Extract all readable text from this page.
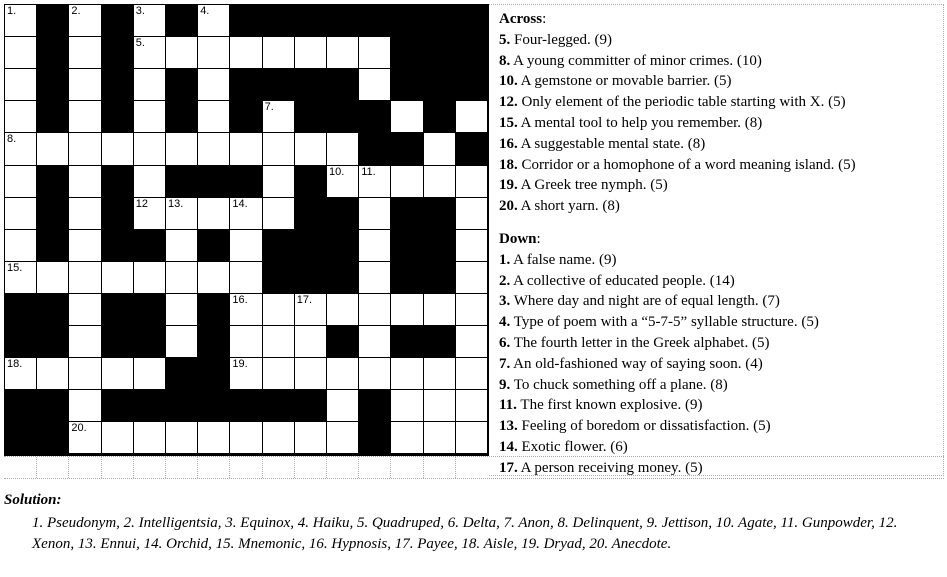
1.	2.	3.	4.
5.	6.
7.
8.	9.
10. 11.
12 13.	14.
15.
16.	17.
18.	19.
20.
Across:
5. Four-legged. (9)
8. A young committer of minor crimes. (10)
10. A gemstone or movable barrier. (5)
12. Only element of the periodic table starting with X. (5)
15. A mental tool to help you remember. (8)
16. A suggestable mental state. (8)
18. Corridor or a homophone of a word meaning island. (5)
19. A Greek tree nymph. (5)
20. A short yarn. (8)
Down:
1. A false name. (9)
2. A collective of educated people. (14)
3. Where day and night are of equal length. (7)
4. Type of poem with a “5-7-5” syllable structure. (5)
6. The fourth letter in the Greek alphabet. (5)
7. An old-fashioned way of saying soon. (4)
9. To chuck something off a plane. (8)
11. The first known explosive. (9)
13. Feeling of boredom or dissatisfaction. (5)
14. Exotic flower. (6)
17. A person receiving money. (5)
Solution:
1. Pseudonym, 2. Intelligentsia, 3. Equinox, 4. Haiku, 5. Quadruped, 6. Delta, 7. Anon, 8. Delinquent, 9. Jettison, 10. Agate, 11. Gunpowder, 12. Xenon, 13. Ennui, 14. Orchid, 15. Mnemonic, 16. Hypnosis, 17. Payee, 18. Aisle, 19. Dryad, 20. Anecdote.
